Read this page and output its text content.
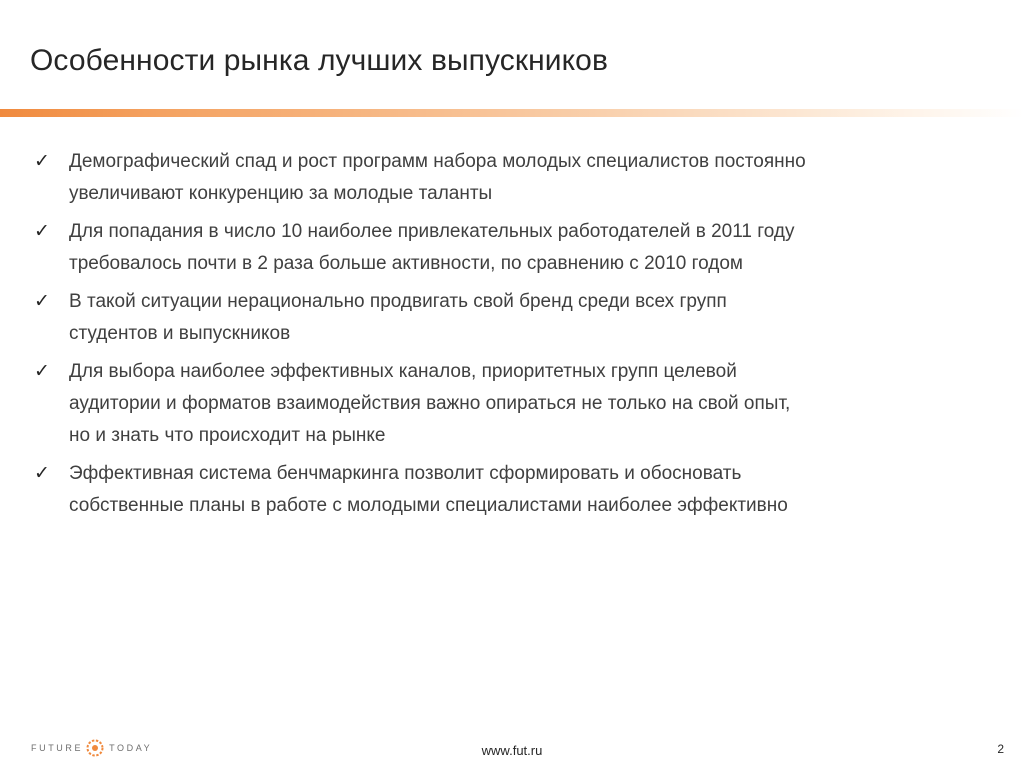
Особенности рынка лучших выпускников
✓ Демографический спад и рост программ набора молодых специалистов постоянно
увеличивают конкуренцию за молодые таланты
✓ Для попадания в число 10 наиболее привлекательных работодателей в 2011 году
требовалось почти в 2 раза больше активности, по сравнению с 2010 годом
✓ В такой ситуации нерационально продвигать свой бренд среди всех групп
студентов и выпускников
✓ Для выбора наиболее эффективных каналов, приоритетных групп целевой
аудитории и форматов взаимодействия важно опираться не только на свой опыт,
но и знать что происходит на рынке
✓ Эффективная система бенчмаркинга позволит сформировать и обосновать
собственные планы в работе с молодыми специалистами наиболее эффективно
FUTURE	TODAY	www.fut.ru	2
